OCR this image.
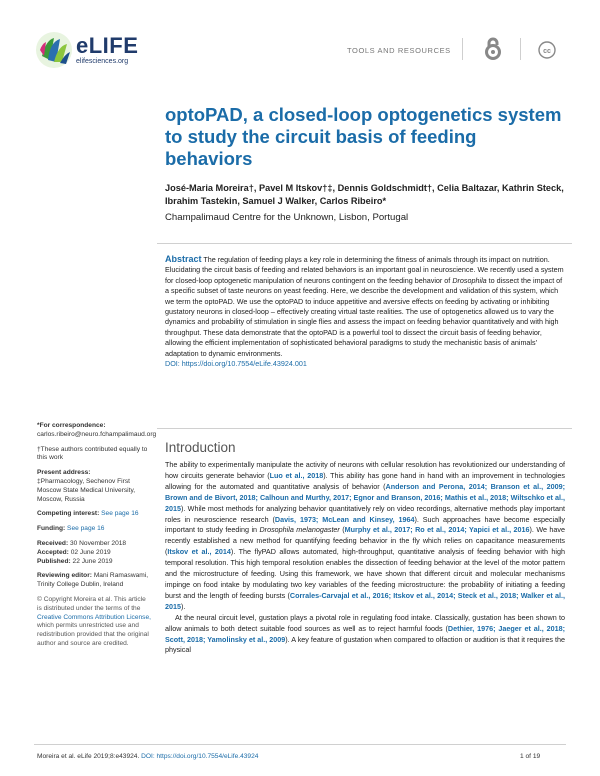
eLIFE
elifesciences.org
TOOLS AND RESOURCES	cc
optoPAD, a closed-loop optogenetics system to study the circuit basis of feeding behaviors
José-Maria Moreira†, Pavel M Itskov†‡, Dennis Goldschmidt†, Celia Baltazar, Kathrin Steck, Ibrahim Tastekin, Samuel J Walker, Carlos Ribeiro*
Champalimaud Centre for the Unknown, Lisbon, Portugal
Abstract The regulation of feeding plays a key role in determining the fitness of animals through its impact on nutrition. Elucidating the circuit basis of feeding and related behaviors is an important goal in neuroscience. We recently used a system for closed-loop optogenetic manipulation of neurons contingent on the feeding behavior of Drosophila to dissect the impact of a specific subset of taste neurons on yeast feeding. Here, we describe the development and validation of this system, which we term the optoPAD. We use the optoPAD to induce appetitive and aversive effects on feeding by activating or inhibiting gustatory neurons in closed-loop – effectively creating virtual taste realities. The use of optogenetics allowed us to vary the dynamics and probability of stimulation in single flies and assess the impact on feeding behavior quantitatively and with high throughput. These data demonstrate that the optoPAD is a powerful tool to dissect the circuit basis of feeding behavior, allowing the efficient implementation of sophisticated behavioral paradigms to study the mechanistic basis of animals' adaptation to dynamic environments.
DOI: https://doi.org/10.7554/eLife.43924.001

*For correspondence:
carlos.ribeiro@neuro.fchampalimaud.org

†These authors contributed equally to this work

Present address:
‡Pharmacology, Sechenov First Moscow State Medical University, Moscow, Russia

Competing interest: See page 16

Funding: See page 16

Received: 30 November 2018
Accepted: 02 June 2019
Published: 22 June 2019

Reviewing editor: Mani Ramaswami, Trinity College Dublin, Ireland

© Copyright Moreira et al. This article is distributed under the terms of the Creative Commons Attribution License, which permits unrestricted use and redistribution provided that the original author and source are credited.

Introduction

The ability to experimentally manipulate the activity of neurons with cellular resolution has revolutionized our understanding of how circuits generate behavior (Luo et al., 2018). This ability has gone hand in hand with an improvement in technologies allowing for the automated and quantitative analysis of behavior (Anderson and Perona, 2014; Branson et al., 2009; Brown and de Bivort, 2018; Calhoun and Murthy, 2017; Egnor and Branson, 2016; Mathis et al., 2018; Wiltschko et al., 2015). While most methods for analyzing behavior quantitatively rely on video recordings, alternative methods play important roles in neuroscience research (Davis, 1973; McLean and Kinsey, 1964). Such approaches have become especially important to study feeding in Drosophila melanogaster (Murphy et al., 2017; Ro et al., 2014; Yapici et al., 2016). We have recently established a new method for quantifying feeding behavior in the fly which relies on capacitance measurements (Itskov et al., 2014). The flyPAD allows automated, high-throughput, quantitative analysis of feeding behavior with high temporal resolution. This high temporal resolution enables the dissection of feeding behavior at the level of the motor pattern and the microstructure of feeding. Using this framework, we have shown that different circuit and molecular mechanisms impinge on food intake by modulating two key variables of the feeding microstructure: the probability of initiating a feeding burst and the length of feeding bursts (Corrales-Carvajal et al., 2016; Itskov et al., 2014; Steck et al., 2018; Walker et al., 2015).

At the neural circuit level, gustation plays a pivotal role in regulating food intake. Classically, gustation has been shown to allow animals to both detect suitable food sources as well as to reject harmful foods (Dethier, 1976; Jaeger et al., 2018; Scott, 2018; Yamolinsky et al., 2009). A key feature of gustation when compared to olfaction or audition is that it requires the physical

Moreira et al. eLife 2019;8:e43924. DOI: https://doi.org/10.7554/eLife.43924	1 of 19
